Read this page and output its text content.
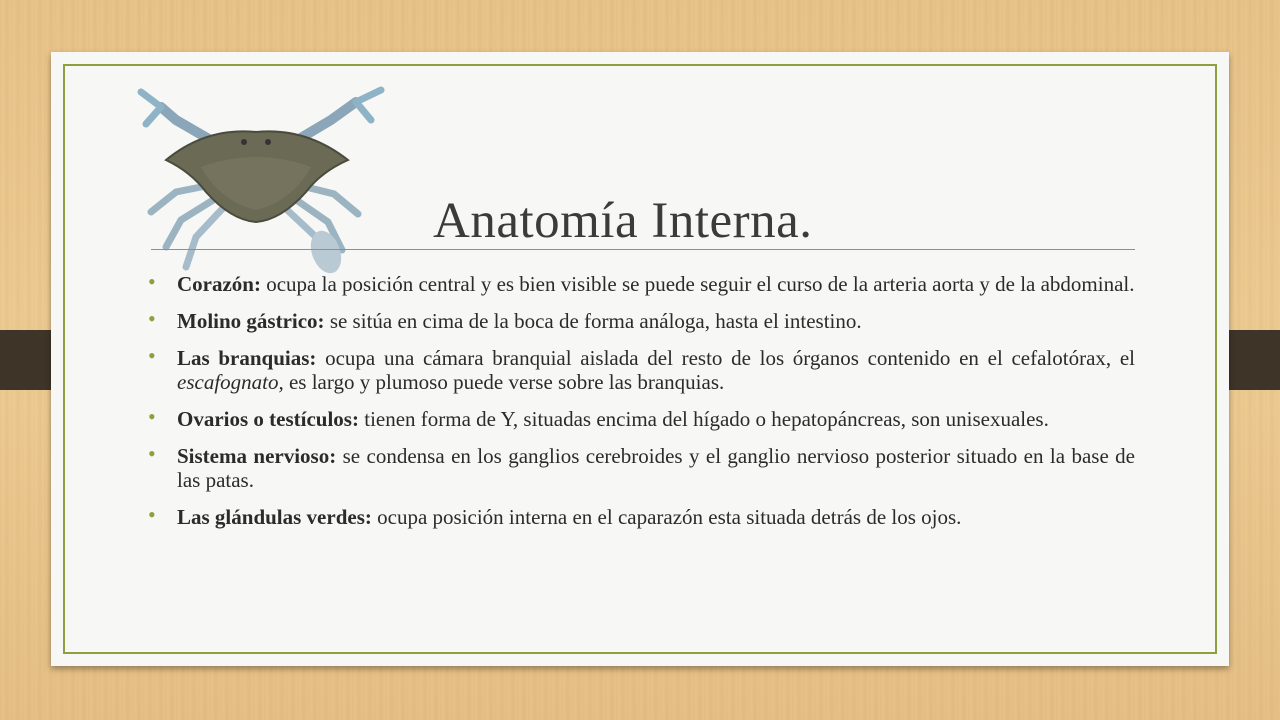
Anatomía Interna.
• Corazón: ocupa la posición central y es bien visible se puede seguir el curso de la arteria aorta y de la abdominal.
• Molino gástrico: se sitúa en cima de la boca de forma análoga, hasta el intestino.
• Las branquias: ocupa una cámara branquial aislada del resto de los órganos contenido en el cefalotórax, el escafognato, es largo y plumoso puede verse sobre las branquias.
• Ovarios o testículos: tienen forma de Y, situadas encima del hígado o hepatopáncreas, son unisexuales.
• Sistema nervioso: se condensa en los ganglios cerebroides y el ganglio nervioso posterior situado en la base de las patas.
• Las glándulas verdes: ocupa posición interna en el caparazón esta situada detrás de los ojos.
